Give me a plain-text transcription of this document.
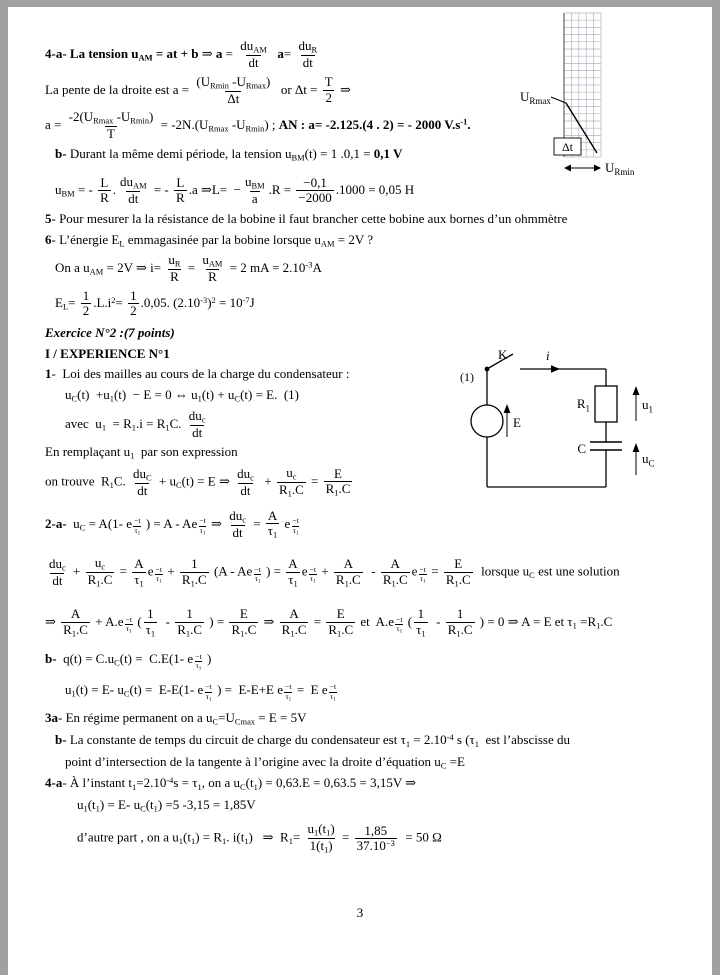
4-a- La tension uAM = at + b ⇒ $a = \frac{\text{duAM}}{dt} a= \frac{\text{duR}}{dt}$
La pente de la droite est $a = \frac{(URmin -URmax)}{\Delta t}$ or $\Delta t = \frac{T}{2}$ ⇒
$a = \frac{-2(URmax -URmin)}{T} = -2N.(URmax$ -URmin) ; AN : a= -2.125.(4 . 2) = - 2000 $V.s^{-1}$.
b- Durant la même demi période, la tension uBM(t) = 1 .0,1 = 0,1 V
uBM = - $\frac{L}{R}$ . $\frac{\text{duAM}}{dt}$ = - $\frac{L}{R} .a$ ⇒L=  − $\frac{\text{uBM}}{a} .R = \frac{-0,1}{-2000} .1000 = 0,05$ H
5- Pour mesurer la la résistance de la bobine il faut brancher cette bobine aux bornes d’un ohmmètre
6- L’énergie EL emmagasinée par la bobine lorsque uAM = 2V ?
On a uAM = 2V ⇒ $i= \frac{uR}{R} = \frac{\text{uAM}}{R} = 2$ mA = $2.10^{-3}A$
$EL= \frac{1}{2} .L.i^2= \frac{1}{2} .0,05$. $(2.10^{-3})^2 = 10^{-7}J$
Exercice N°2 :(7 points)
I / EXPERIENCE N°1
1-  Loi des mailles au cours de la charge du condensateur :
uC(t)  +u1(t)  − E = 0 ⇔ u1(t) + uC(t) = E.  (1)
avec  u1  = R1.i = R1C. $\frac{\text{duc}}{dt}$
En remplaçant u1  par son expression
on trouve  R1C. $\frac{\text{duC}}{dt} + uC(t) = E$ ⇒ $\frac{\text{duc}}{dt} + \frac{uc}{R1.C} = \frac{E}{R1.C}$
2-a-  uC = A(1- e $\frac{-t}{\tau 1}$ ) = A - Ae $\frac{-t}{\tau 1}$ ⇒ $\frac{\text{duc}}{dt} = \frac{A}{\tau 1}$ e $\frac{-t}{\tau 1}$
$\frac{\text{duc}}{dt} + \frac{uc}{R1.C} = \frac{A}{\tau 1}$ e $\frac{-t}{\tau 1} + \frac{1}{R1.C} (A - Ae \frac{-t}{\tau 1}$ ) = $\frac{A}{\tau 1}$ e $\frac{-t}{\tau 1} + \frac{A}{R1.C} - \frac{A}{R1.C}$ e $\frac{-t}{\tau 1} = \frac{E}{R1.C}$ lorsque uC est une solution
⇒ $\frac{A}{R1.C} + A.e \frac{-t}{\tau 1}$ ( $\frac{1}{\tau 1} - \frac{1}{R1.C}$ ) = $\frac{E}{R1.C}$ ⇒ $\frac{A}{R1.C} = \frac{E}{R1.C}$ et  $A.e \frac{-t}{\tau 1}$ ( $\frac{1}{\tau 1} - \frac{1}{R1.C}$ ) = 0 ⇒ A = E et τ1 =R1.C
b-  q(t) = C.uC(t) =  C.E(1- e $\frac{-t}{\tau 1}$ )
u1(t) = E- uC(t) =  E-E(1- e $\frac{-t}{\tau 1}$ ) =  E-E+E e $\frac{-t}{\tau 1} = E$ e $\frac{-t}{\tau 1}$
3a- En régime permanent on a uC=UCmax = E = 5V
b- La constante de temps du circuit de charge du condensateur est $\tau 1 = 2.10^{-4}$ s (τ1  est l’abscisse du
point d’intersection de la tangente à l’origine avec la droite d’équation uC =E
4-a- À l’instant $t1=2.10^{-4}s = \tau 1$, on a uC(t1) = 0,63.E = 0,63.5 = 3,15V ⇒
u1(t1) = E- uC(t1) =5 -3,15 = 1,85V
d’autre part , on a u1(t1) = R1. i(t1)   ⇒  $R1= \frac{u1(t1)}{1(t1)} = \frac{1,85}{37.10^{-3}} = 50$ Ω
Δt
$U_{Rmax}$
$U_{Rmin}$
K	i
(1)
E
$R_1$	$u_1$
C
$u_C$
3
